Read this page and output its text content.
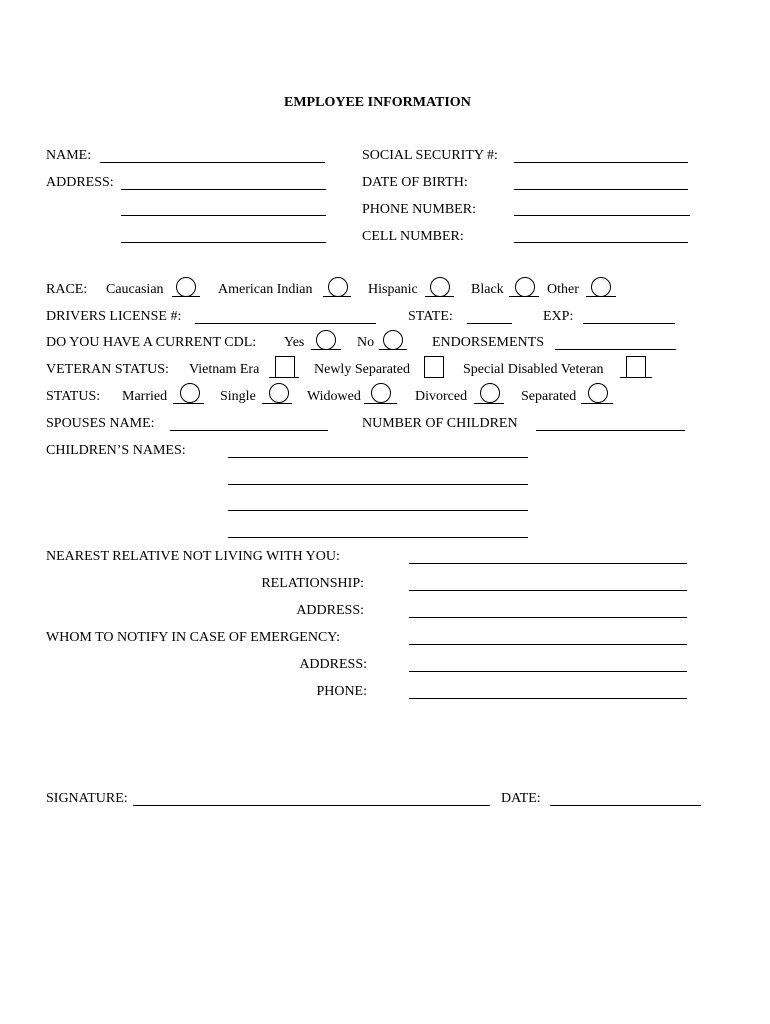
EMPLOYEE INFORMATION
NAME:	SOCIAL SECURITY #:
ADDRESS:	DATE OF BIRTH:
PHONE NUMBER:
CELL NUMBER:
RACE: Caucasian	American Indian	Hispanic	Black	Other
DRIVERS LICENSE #:	STATE:	EXP:
DO YOU HAVE A CURRENT CDL: Yes	No	ENDORSEMENTS
VETERAN STATUS: Vietnam Era	Newly Separated	Special Disabled Veteran
STATUS: Married	Single	Widowed	Divorced	Separated
SPOUSES NAME:	NUMBER OF CHILDREN
CHILDREN’S NAMES:
NEAREST RELATIVE NOT LIVING WITH YOU:
RELATIONSHIP:
ADDRESS:
WHOM TO NOTIFY IN CASE OF EMERGENCY:
ADDRESS:
PHONE:
SIGNATURE:	DATE:
